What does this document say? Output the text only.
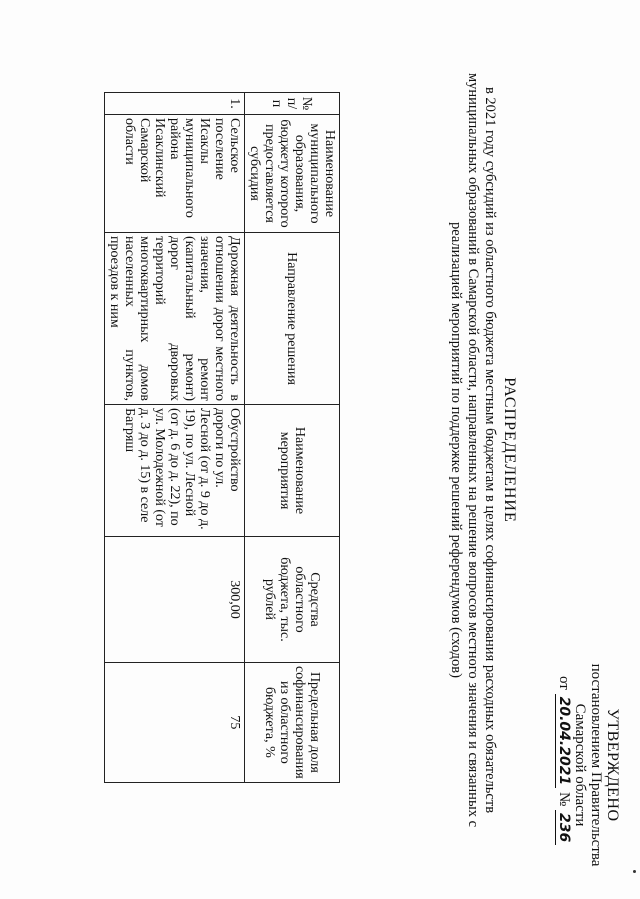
УТВЕРЖДЕНО
постановлением Правительства
Самарской области
от 20.04.2021 № 236
РАСПРЕДЕЛЕНИЕ
в 2021 году субсидий из областного бюджета местным бюджетам в целях софинансирования расходных обязательств муниципальных образований в Самарской области, направленных на решение вопросов местного значения и связанных с реализацией мероприятий по поддержке решений референдумов (сходов)
№ п/п	Наименование муниципального образования, бюджету которого предоставляется субсидия	Направление решения	Наименование мероприятия	Средства областного бюджета, тыс. рублей	Предельная доля софинансирования из областного бюджета, %
1.	Сельское поселение Исаклы муниципального района Исаклинский Самарской области	Дорожная деятельность в отношении дорог местного значения, ремонт (капитальный ремонт) дорог дворовых территорий многоквартирных домов населенных пунктов, проездов к ним	Обустройство дороги по ул. Лесной (от д. 9 до д. 19), по ул. Лесной (от д. 6 до д. 22), по ул. Молодежной (от д. 3 до д. 15) в селе Багряш	300,00	75
